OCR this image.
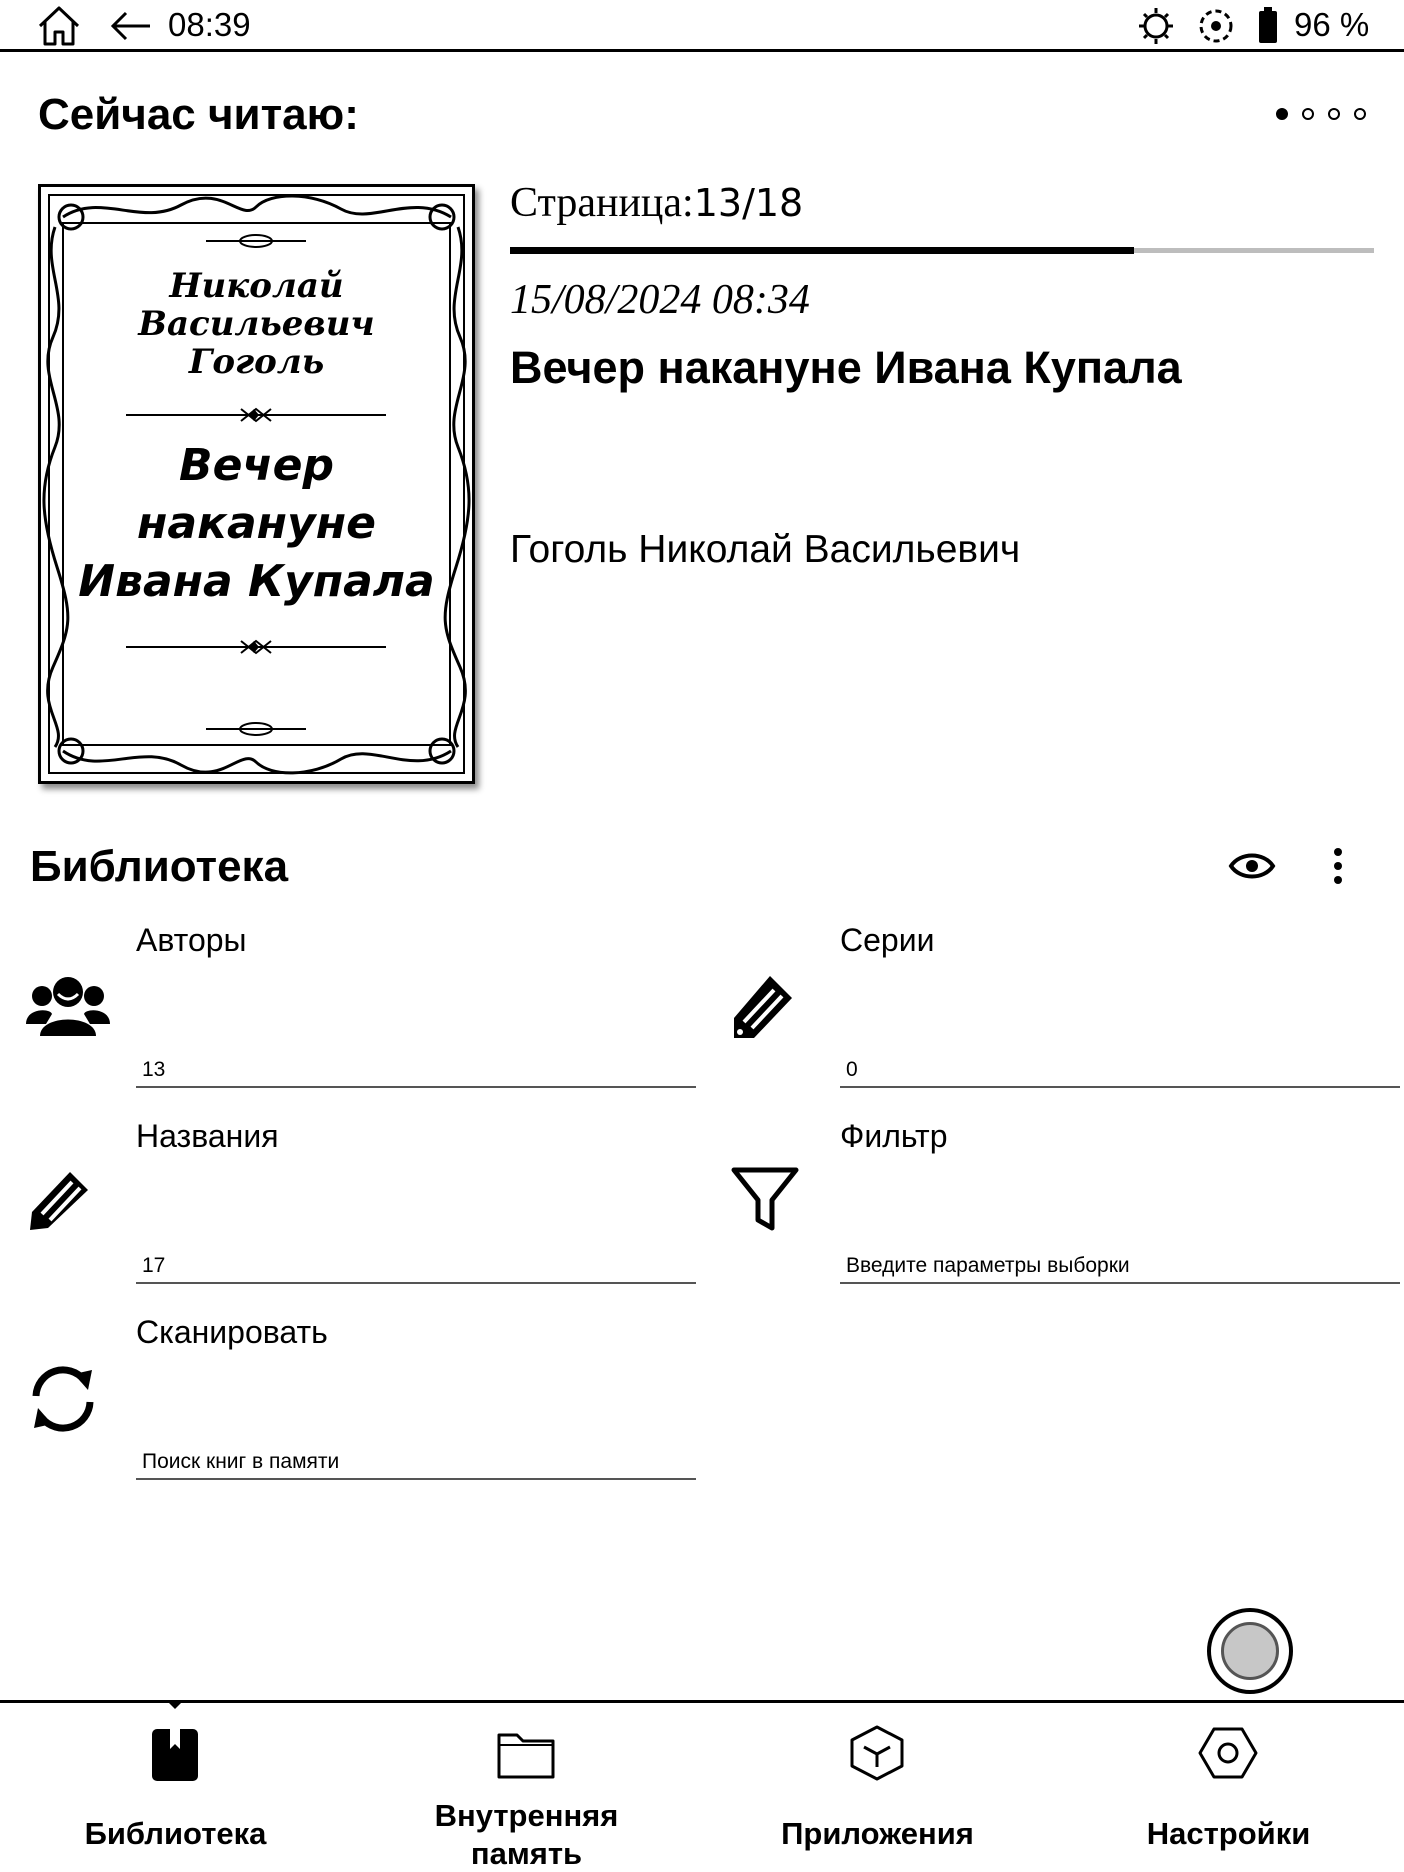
08:39	96 %
Сейчас читаю:
Николай
Васильевич
Гоголь
Вечер
накануне
Ивана Купала
Страница:13/18
15/08/2024 08:34
Вечер накануне Ивана Купала
Гоголь Николай Васильевич
Библиотека
Авторы
13
Серии
0
Названия
17
Фильтр
Введите параметры выборки
Сканировать
Поиск книг в памяти
Библиотека
Внутренняя память
Приложения	Настройки
